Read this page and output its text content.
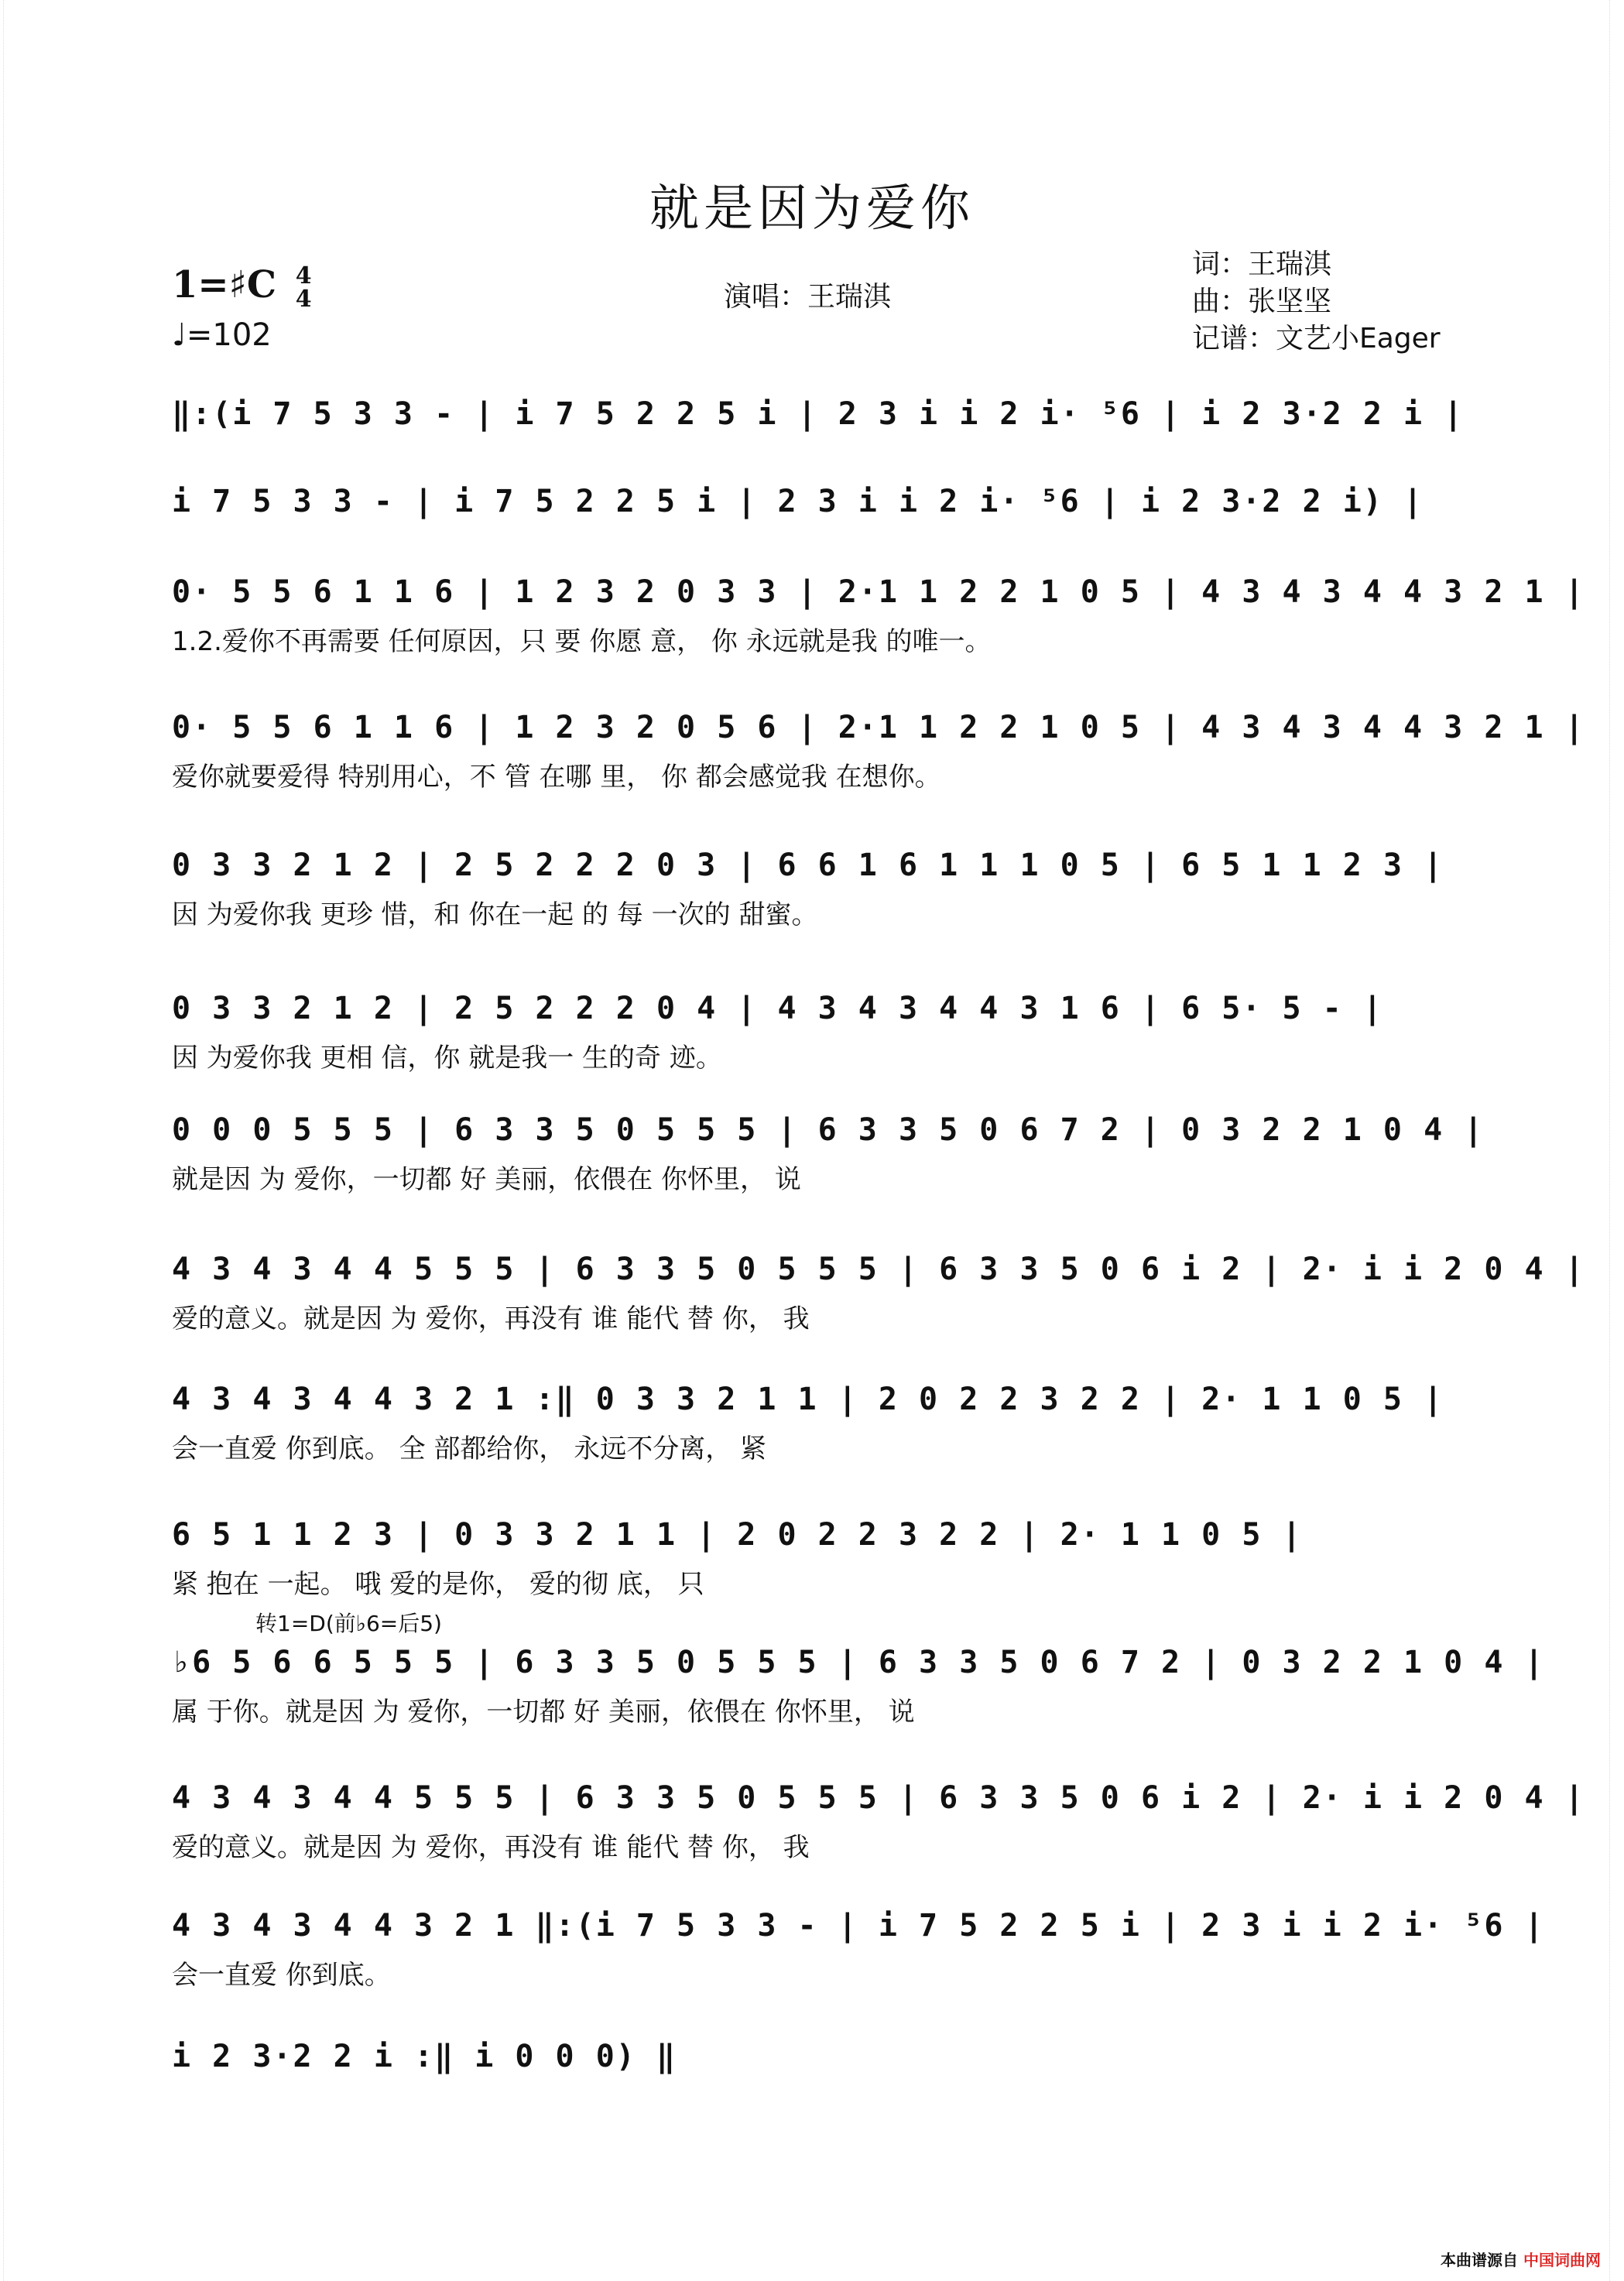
就是因为爱你
1=♯C 4
4
♩=102
演唱：王瑞淇
词：王瑞淇
曲：张坚坚
记谱：文艺小Eager
‖:(i 7 5 3 3 - | i 7 5 2 2 5 i | 2 3 i i 2 i· ⁵6 | i 2 3·2 2 i |
i 7 5 3 3 - | i 7 5 2 2 5 i | 2 3 i i 2 i· ⁵6 | i 2 3·2 2 i) |
0· 5 5 6 1 1 6 | 1 2 3 2 0 3 3 | 2·1 1 2 2 1 0 5 | 4 3 4 3 4 4 3 2 1 |
1.2.爱你不再需要 任何原因，只 要 你愿 意， 你 永远就是我 的唯一。
0· 5 5 6 1 1 6 | 1 2 3 2 0 5 6 | 2·1 1 2 2 1 0 5 | 4 3 4 3 4 4 3 2 1 |
爱你就要爱得 特别用心，不 管 在哪 里， 你 都会感觉我 在想你。
0 3 3 2 1 2 | 2 5 2 2 2 0 3 | 6 6 1 6 1 1 1 0 5 | 6 5 1 1 2 3 |
因 为爱你我 更珍 惜，和 你在一起 的 每 一次的 甜蜜。
0 3 3 2 1 2 | 2 5 2 2 2 0 4 | 4 3 4 3 4 4 3 1 6 | 6 5· 5 - |
因 为爱你我 更相 信，你 就是我一 生的奇 迹。
0 0 0 5 5 5 | 6 3 3 5 0 5 5 5 | 6 3 3 5 0 6 7 2 | 0 3 2 2 1 0 4 |
就是因 为 爱你，一切都 好 美丽，依偎在 你怀里， 说
4 3 4 3 4 4 5 5 5 | 6 3 3 5 0 5 5 5 | 6 3 3 5 0 6 i 2 | 2· i i 2 0 4 |
爱的意义。就是因 为 爱你，再没有 谁 能代 替 你， 我
4 3 4 3 4 4 3 2 1 :‖ 0 3 3 2 1 1 | 2 0 2 2 3 2 2 | 2· 1 1 0 5 |
会一直爱 你到底。 全 部都给你， 永远不分离， 紧
6 5 1 1 2 3 | 0 3 3 2 1 1 | 2 0 2 2 3 2 2 | 2· 1 1 0 5 |
紧 抱在 一起。 哦 爱的是你， 爱的彻 底， 只
♭6 5 6 6 5 5 5 | 6 3 3 5 0 5 5 5 | 6 3 3 5 0 6 7 2 | 0 3 2 2 1 0 4 |
属 于你。就是因 为 爱你，一切都 好 美丽，依偎在 你怀里， 说
4 3 4 3 4 4 5 5 5 | 6 3 3 5 0 5 5 5 | 6 3 3 5 0 6 i 2 | 2· i i 2 0 4 |
爱的意义。就是因 为 爱你，再没有 谁 能代 替 你， 我
4 3 4 3 4 4 3 2 1 ‖:(i 7 5 3 3 - | i 7 5 2 2 5 i | 2 3 i i 2 i· ⁵6 |
会一直爱 你到底。
i 2 3·2 2 i :‖ i 0 0 0) ‖
转1=D(前♭6=后5)
本曲谱源自 中国词曲网
